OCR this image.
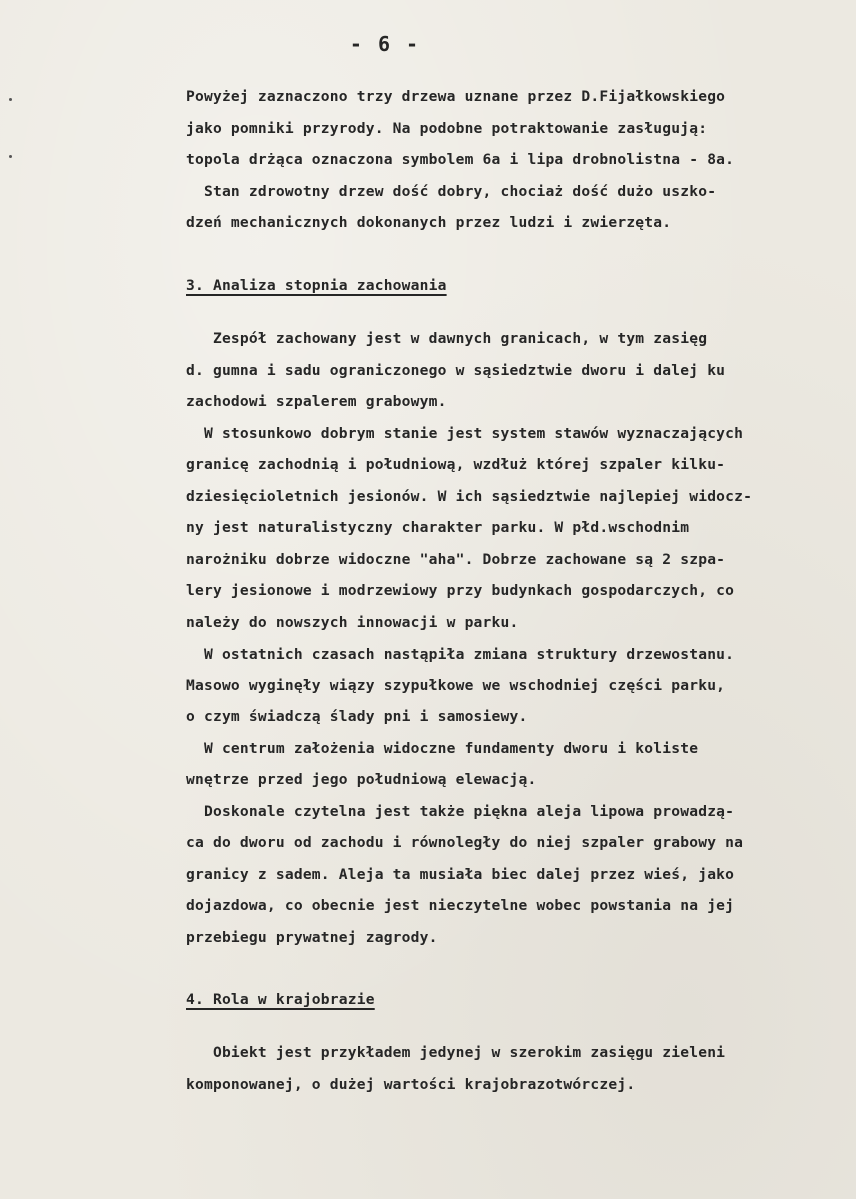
- 6 -
Powyżej zaznaczono trzy drzewa uznane przez D.Fijałkowskiego
jako pomniki przyrody. Na podobne potraktowanie zasługują:
topola drżąca oznaczona symbolem 6a i lipa drobnolistna - 8a.
Stan zdrowotny drzew dość dobry, chociaż dość dużo uszko-
dzeń mechanicznych dokonanych przez ludzi i zwierzęta.
3. Analiza stopnia zachowania
Zespół zachowany jest w dawnych granicach, w tym zasięg
d. gumna i sadu ograniczonego w sąsiedztwie dworu i dalej ku
zachodowi szpalerem grabowym.
W stosunkowo dobrym stanie jest system stawów wyznaczających
granicę zachodnią i południową, wzdłuż której szpaler kilku-
dziesięcioletnich jesionów. W ich sąsiedztwie najlepiej widocz-
ny jest naturalistyczny charakter parku. W płd.wschodnim
narożniku dobrze widoczne "aha". Dobrze zachowane są 2 szpa-
lery jesionowe i modrzewiowy przy budynkach gospodarczych, co
należy do nowszych innowacji w parku.
W ostatnich czasach nastąpiła zmiana struktury drzewostanu.
Masowo wyginęły wiązy szypułkowe we wschodniej części parku,
o czym świadczą ślady pni i samosiewy.
W centrum założenia widoczne fundamenty dworu i koliste
wnętrze przed jego południową elewacją.
Doskonale czytelna jest także piękna aleja lipowa prowadzą-
ca do dworu od zachodu i równoległy do niej szpaler grabowy na
granicy z sadem. Aleja ta musiała biec dalej przez wieś, jako
dojazdowa, co obecnie jest nieczytelne wobec powstania na jej
przebiegu prywatnej zagrody.
4. Rola w krajobrazie
Obiekt jest przykładem jedynej w szerokim zasięgu zieleni
komponowanej, o dużej wartości krajobrazotwórczej.
